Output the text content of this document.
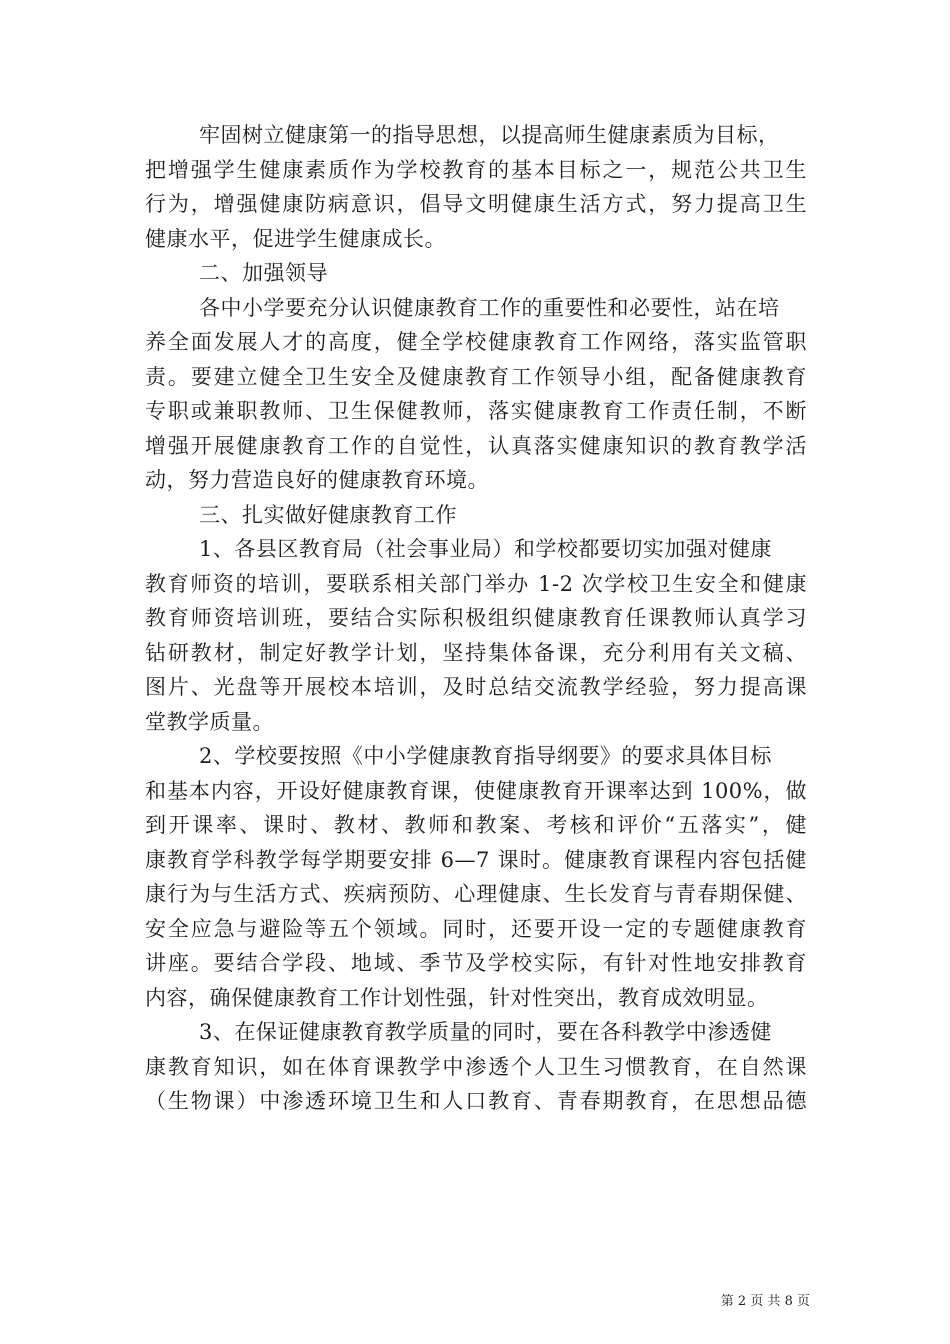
牢固树立健康第一的指导思想，以提高师生健康素质为目标，
把增强学生健康素质作为学校教育的基本目标之一，规范公共卫生
行为，增强健康防病意识，倡导文明健康生活方式，努力提高卫生
健康水平，促进学生健康成长。
二、加强领导
各中小学要充分认识健康教育工作的重要性和必要性，站在培
养全面发展人才的高度，健全学校健康教育工作网络，落实监管职
责。要建立健全卫生安全及健康教育工作领导小组，配备健康教育
专职或兼职教师、卫生保健教师，落实健康教育工作责任制，不断
增强开展健康教育工作的自觉性，认真落实健康知识的教育教学活
动，努力营造良好的健康教育环境。
三、扎实做好健康教育工作
1、各县区教育局（社会事业局）和学校都要切实加强对健康
教育师资的培训，要联系相关部门举办 1-2 次学校卫生安全和健康
教育师资培训班，要结合实际积极组织健康教育任课教师认真学习
钻研教材，制定好教学计划，坚持集体备课，充分利用有关文稿、
图片、光盘等开展校本培训，及时总结交流教学经验，努力提高课
堂教学质量。
2、学校要按照《中小学健康教育指导纲要》的要求具体目标
和基本内容，开设好健康教育课，使健康教育开课率达到 100%，做
到开课率、课时、教材、教师和教案、考核和评价“五落实”，健
康教育学科教学每学期要安排 6—7 课时。健康教育课程内容包括健
康行为与生活方式、疾病预防、心理健康、生长发育与青春期保健、
安全应急与避险等五个领域。同时，还要开设一定的专题健康教育
讲座。要结合学段、地域、季节及学校实际，有针对性地安排教育
内容，确保健康教育工作计划性强，针对性突出，教育成效明显。
3、在保证健康教育教学质量的同时，要在各科教学中渗透健
康教育知识，如在体育课教学中渗透个人卫生习惯教育，在自然课
（生物课）中渗透环境卫生和人口教育、青春期教育，在思想品德
第 2 页 共 8 页
